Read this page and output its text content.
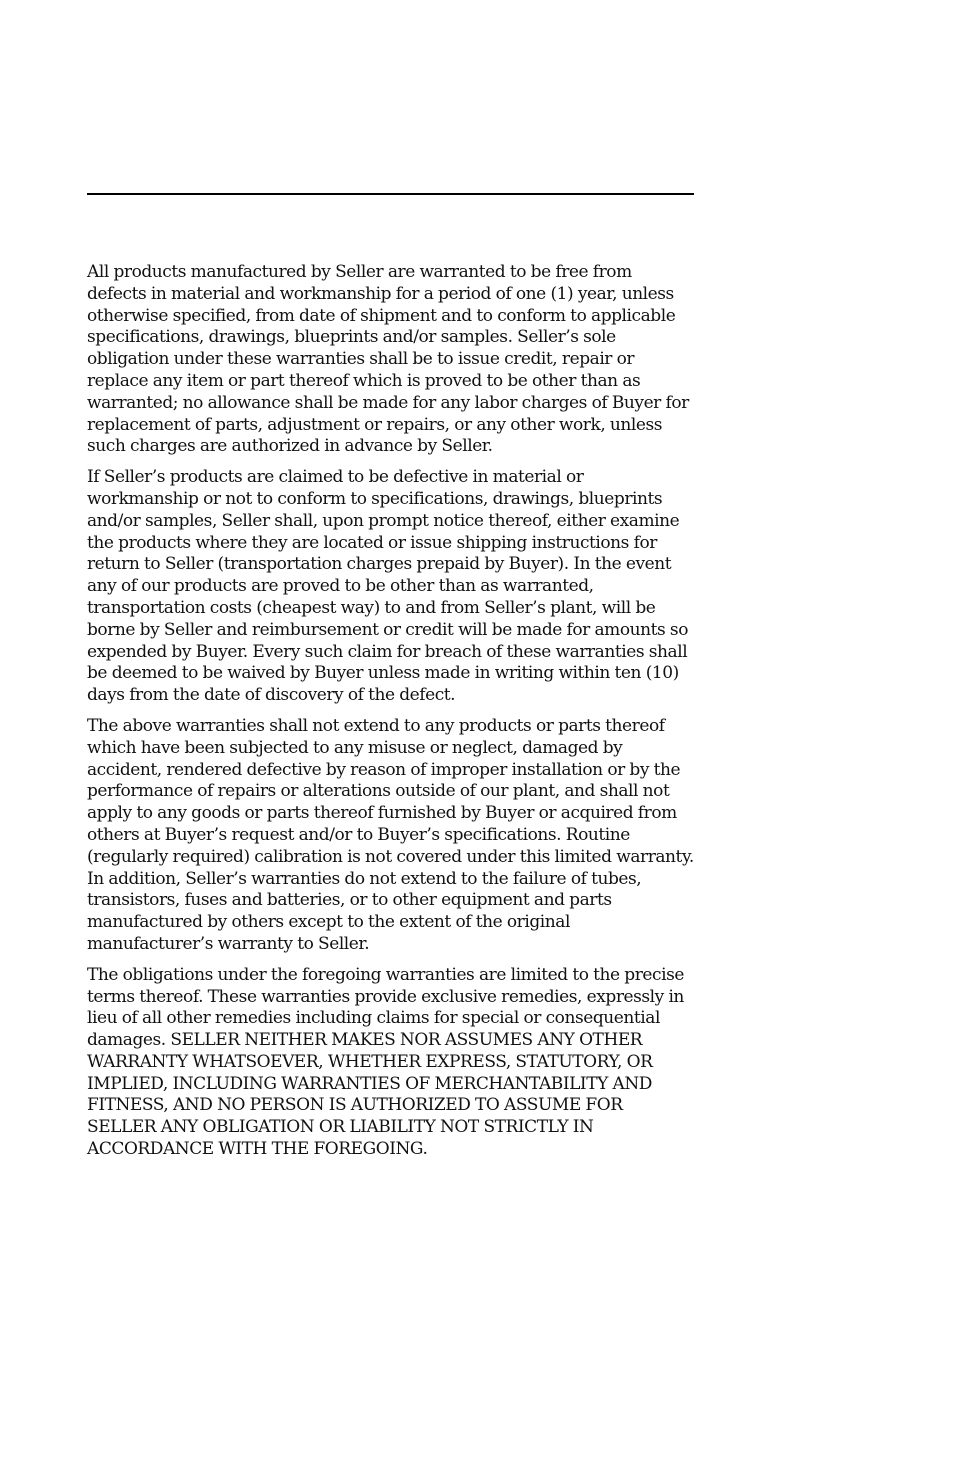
All products manufactured by Seller are warranted to be free from defects in material and workmanship for a period of one (1) year, unless otherwise specified, from date of shipment and to conform to applicable specifications, drawings, blueprints and/or samples. Seller’s sole obligation under these warranties shall be to issue credit, repair or replace any item or part thereof which is proved to be other than as warranted; no allowance shall be made for any labor charges of Buyer for replacement of parts, adjustment or repairs, or any other work, unless such charges are authorized in advance by Seller.

If Seller’s products are claimed to be defective in material or workmanship or not to conform to specifications, drawings, blueprints and/or samples, Seller shall, upon prompt notice thereof, either examine the products where they are located or issue shipping instructions for return to Seller (transportation charges prepaid by Buyer). In the event any of our products are proved to be other than as warranted, transportation costs (cheapest way) to and from Seller’s plant, will be borne by Seller and reimbursement or credit will be made for amounts so expended by Buyer. Every such claim for breach of these warranties shall be deemed to be waived by Buyer unless made in writing within ten (10) days from the date of discovery of the defect.

The above warranties shall not extend to any products or parts thereof which have been subjected to any misuse or neglect, damaged by accident, rendered defective by reason of improper installation or by the performance of repairs or alterations outside of our plant, and shall not apply to any goods or parts thereof furnished by Buyer or acquired from others at Buyer’s request and/or to Buyer’s specifications. Routine (regularly required) calibration is not covered under this limited warranty. In addition, Seller’s warranties do not extend to the failure of tubes, transistors, fuses and batteries, or to other equipment and parts manufactured by others except to the extent of the original manufacturer’s warranty to Seller.

The obligations under the foregoing warranties are limited to the precise terms thereof. These warranties provide exclusive remedies, expressly in lieu of all other remedies including claims for special or consequential damages. SELLER NEITHER MAKES NOR ASSUMES ANY OTHER WARRANTY WHATSOEVER, WHETHER EXPRESS, STATUTORY, OR IMPLIED, INCLUDING WARRANTIES OF MERCHANTABILITY AND FITNESS, AND NO PERSON IS AUTHORIZED TO ASSUME FOR SELLER ANY OBLIGATION OR LIABILITY NOT STRICTLY IN ACCORDANCE WITH THE FOREGOING.
